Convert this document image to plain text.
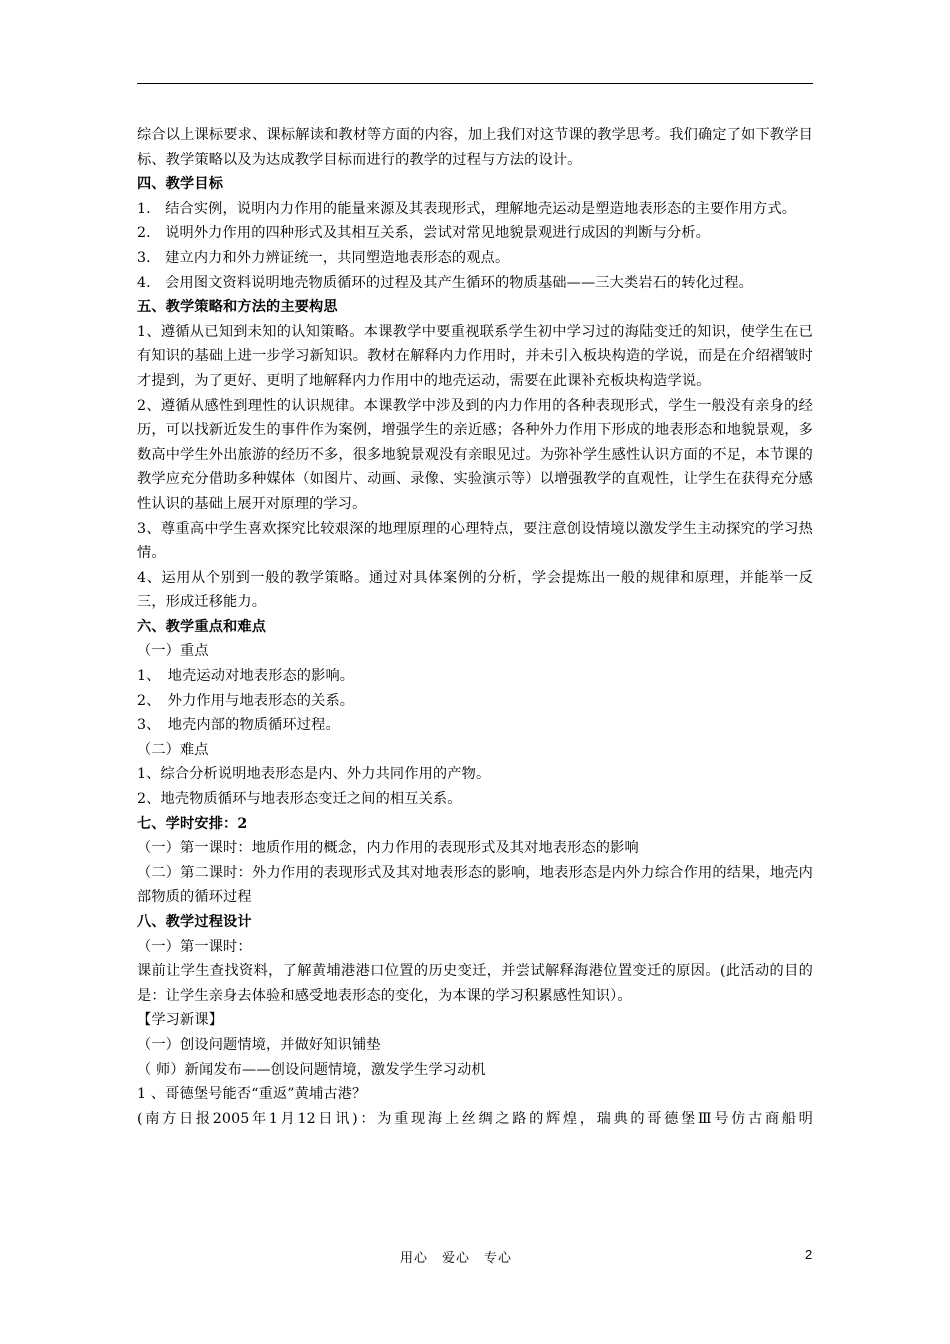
综合以上课标要求、课标解读和教材等方面的内容，加上我们对这节课的教学思考。我们确定了如下教学目标、教学策略以及为达成教学目标而进行的教学的过程与方法的设计。

四、教学目标

1.　结合实例，说明内力作用的能量来源及其表现形式，理解地壳运动是塑造地表形态的主要作用方式。

2.　说明外力作用的四种形式及其相互关系，尝试对常见地貌景观进行成因的判断与分析。

3.　建立内力和外力辨证统一，共同塑造地表形态的观点。

4.　会用图文资料说明地壳物质循环的过程及其产生循环的物质基础——三大类岩石的转化过程。

五、教学策略和方法的主要构思

1、遵循从已知到未知的认知策略。本课教学中要重视联系学生初中学习过的海陆变迁的知识，使学生在已有知识的基础上进一步学习新知识。教材在解释内力作用时，并未引入板块构造的学说，而是在介绍褶皱时才提到，为了更好、更明了地解释内力作用中的地壳运动，需要在此课补充板块构造学说。

2、遵循从感性到理性的认识规律。本课教学中涉及到的内力作用的各种表现形式，学生一般没有亲身的经历，可以找新近发生的事件作为案例，增强学生的亲近感；各种外力作用下形成的地表形态和地貌景观，多数高中学生外出旅游的经历不多，很多地貌景观没有亲眼见过。为弥补学生感性认识方面的不足，本节课的教学应充分借助多种媒体（如图片、动画、录像、实验演示等）以增强教学的直观性，让学生在获得充分感性认识的基础上展开对原理的学习。

3、尊重高中学生喜欢探究比较艰深的地理原理的心理特点，要注意创设情境以激发学生主动探究的学习热情。

4、运用从个别到一般的教学策略。通过对具体案例的分析，学会提炼出一般的规律和原理，并能举一反三，形成迁移能力。

六、教学重点和难点

（一）重点

1、　地壳运动对地表形态的影响。

2、　外力作用与地表形态的关系。

3、　地壳内部的物质循环过程。

（二）难点

1、综合分析说明地表形态是内、外力共同作用的产物。

2、地壳物质循环与地表形态变迁之间的相互关系。

七、学时安排：2

（一）第一课时：地质作用的概念，内力作用的表现形式及其对地表形态的影响

（二）第二课时：外力作用的表现形式及其对地表形态的影响，地表形态是内外力综合作用的结果，地壳内部物质的循环过程

八、教学过程设计

（一）第一课时：

课前让学生查找资料，了解黄埔港港口位置的历史变迁，并尝试解释海港位置变迁的原因。(此活动的目的是：让学生亲身去体验和感受地表形态的变化，为本课的学习积累感性知识）。

【学习新课】

（一）创设问题情境，并做好知识铺垫

（ 师）新闻发布——创设问题情境，激发学生学习动机

1 、哥德堡号能否“重返”黄埔古港？

(南方日报2005年1月12日讯)：为重现海上丝绸之路的辉煌，瑞典的哥德堡Ⅲ号仿古商船明

用心　爱心　专心	2
